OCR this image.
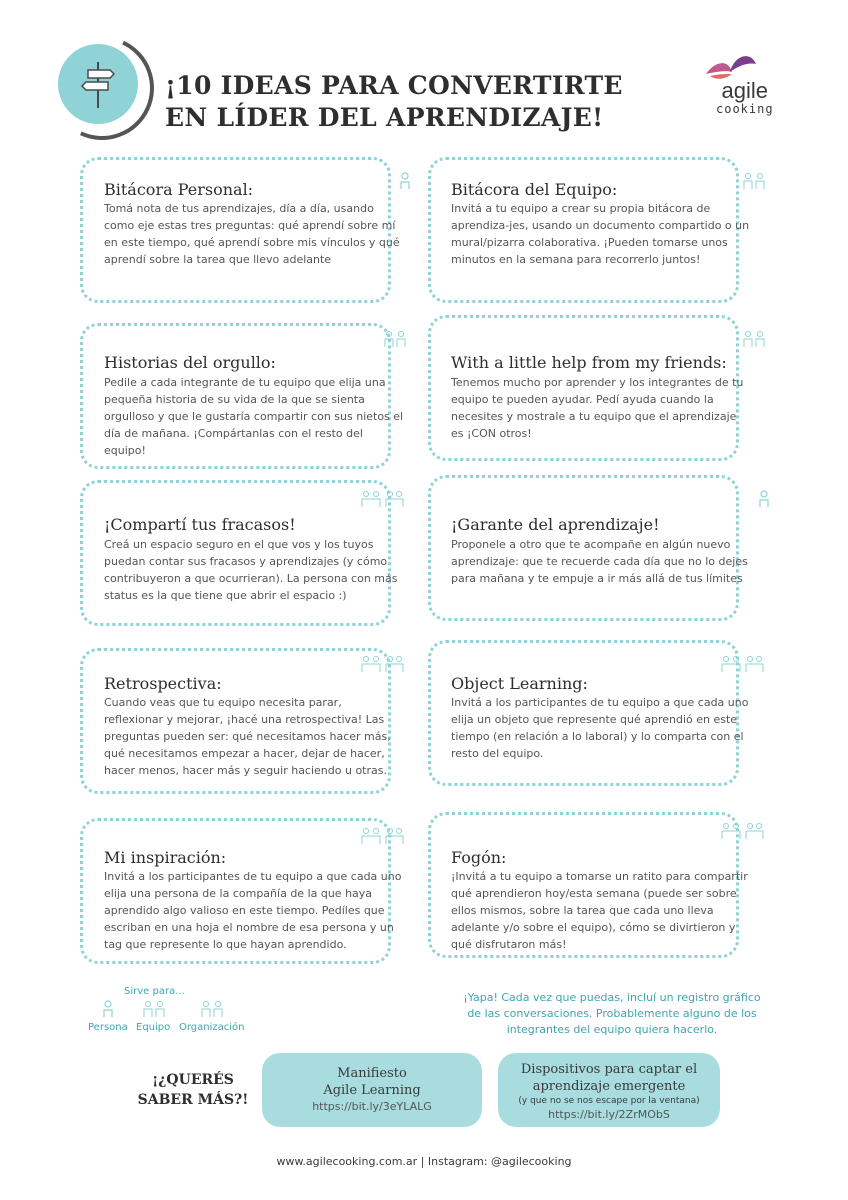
¡10 IDEAS PARA CONVERTIRTE
EN LÍDER DEL APRENDIZAJE!
agile
cooking
Bitácora Personal:
Tomá nota de tus aprendizajes, día a día, usando como eje estas tres preguntas: qué aprendí sobre mí en este tiempo, qué aprendí sobre mis vínculos y qué aprendí sobre la tarea que llevo adelante
Bitácora del Equipo:
Invitá a tu equipo a crear su propia bitácora de aprendiza-jes, usando un documento compartido o un mural/pizarra colaborativa. ¡Pueden tomarse unos minutos en la semana para recorrerlo juntos!
Historias del orgullo:
Pedile a cada integrante de tu equipo que elija una pequeña historia de su vida de la que se sienta orgulloso y que le gustaría compartir con sus nietos el día de mañana. ¡Compártanlas con el resto del equipo!
With a little help from my friends:
Tenemos mucho por aprender y los integrantes de tu equipo te pueden ayudar. Pedí ayuda cuando la necesites y mostrale a tu equipo que el aprendizaje es ¡CON otros!
¡Compartí tus fracasos!
Creá un espacio seguro en el que vos y los tuyos puedan contar sus fracasos y aprendizajes (y cómo contribuyeron a que ocurrieran). La persona con más status es la que tiene que abrir el espacio :)
¡Garante del aprendizaje!
Proponele a otro que te acompañe en algún nuevo aprendizaje: que te recuerde cada día que no lo dejes para mañana y te empuje a ir más allá de tus límites
Retrospectiva:
Cuando veas que tu equipo necesita parar, reflexionar y mejorar, ¡hacé una retrospectiva! Las preguntas pueden ser: qué necesitamos hacer más, qué necesitamos empezar a hacer, dejar de hacer, hacer menos, hacer más y seguir haciendo u otras.
Object Learning:
Invitá a los participantes de tu equipo a que cada uno elija un objeto que represente qué aprendió en este tiempo (en relación a lo laboral) y lo comparta con el resto del equipo.
Mi inspiración:
Invitá a los participantes de tu equipo a que cada uno elija una persona de la compañía de la que haya aprendido algo valioso en este tiempo. Pedíles que escriban en una hoja el nombre de esa persona y un tag que represente lo que hayan aprendido.
Fogón:
¡Invitá a tu equipo a tomarse un ratito para compartir qué aprendieron hoy/esta semana (puede ser sobre ellos mismos, sobre la tarea que cada uno lleva adelante y/o sobre el equipo), cómo se divirtieron y qué disfrutaron más!
Sirve para...
Persona Equipo Organización
¡Yapa! Cada vez que puedas, incluí un registro gráfico de las conversaciones. Probablemente alguno de los integrantes del equipo quiera hacerlo.
¡¿QUERÉS
SABER MÁS?!
Manifiesto
Agile Learning
https://bit.ly/3eYLALG
Dispositivos para captar el
aprendizaje emergente
(y que no se nos escape por la ventana)
https://bit.ly/2ZrMObS
www.agilecooking.com.ar | Instagram: @agilecooking
